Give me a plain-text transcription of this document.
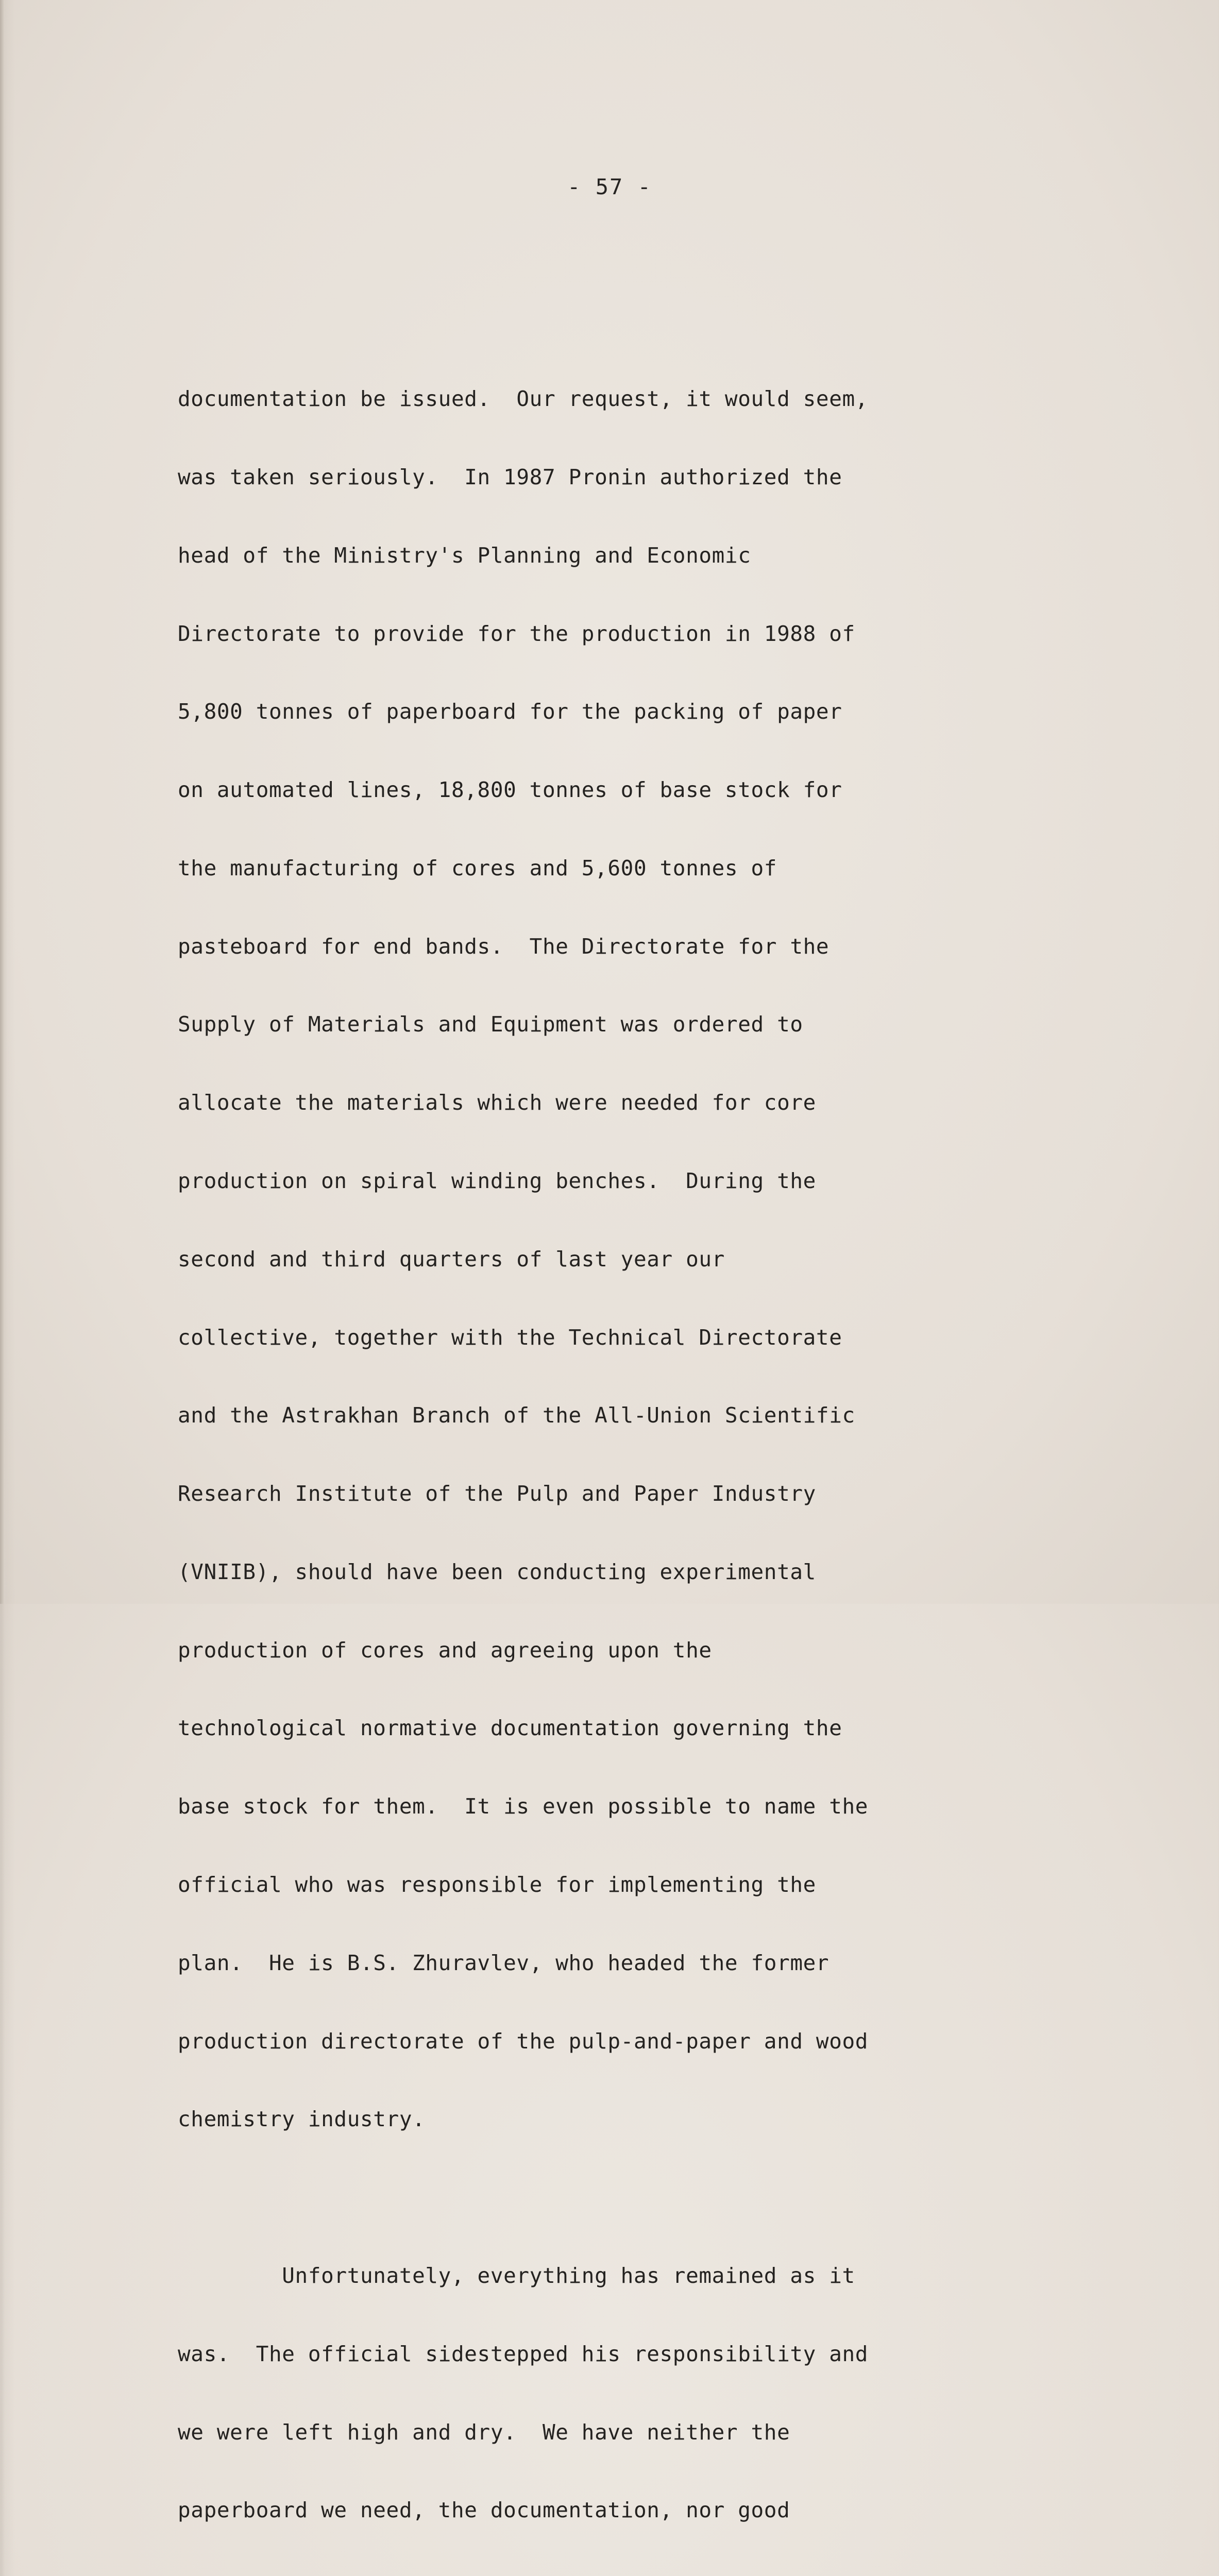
- 57 -

documentation be issued.  Our request, it would seem,

was taken seriously.  In 1987 Pronin authorized the

head of the Ministry's Planning and Economic

Directorate to provide for the production in 1988 of

5,800 tonnes of paperboard for the packing of paper

on automated lines, 18,800 tonnes of base stock for

the manufacturing of cores and 5,600 tonnes of

pasteboard for end bands.  The Directorate for the

Supply of Materials and Equipment was ordered to

allocate the materials which were needed for core

production on spiral winding benches.  During the

second and third quarters of last year our

collective, together with the Technical Directorate

and the Astrakhan Branch of the All-Union Scientific

Research Institute of the Pulp and Paper Industry

(VNIIB), should have been conducting experimental

production of cores and agreeing upon the

technological normative documentation governing the

base stock for them.  It is even possible to name the

official who was responsible for implementing the

plan.  He is B.S. Zhuravlev, who headed the former

production directorate of the pulp-and-paper and wood

chemistry industry.

Unfortunately, everything has remained as it

was.  The official sidestepped his responsibility and

we were left high and dry.  We have neither the

paperboard we need, the documentation, nor good
